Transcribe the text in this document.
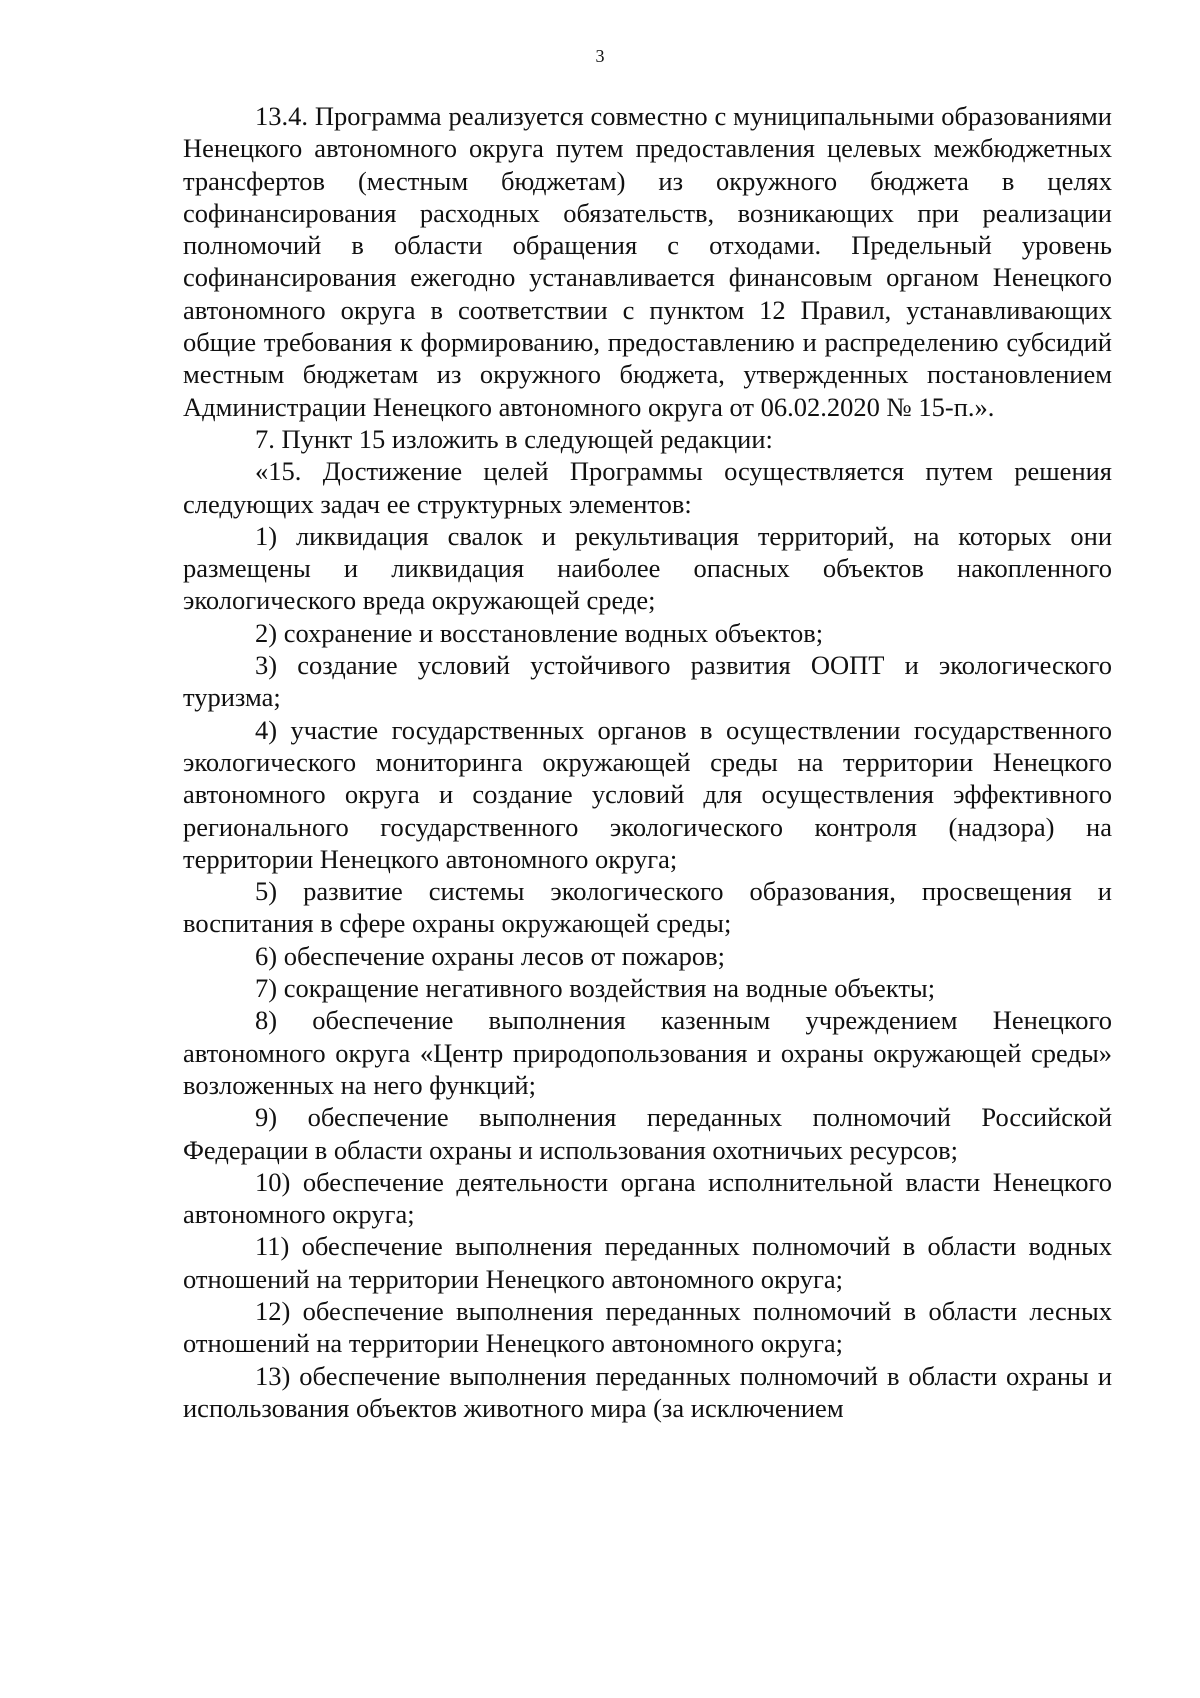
3

13.4. Программа реализуется совместно с муниципальными образованиями Ненецкого автономного округа путем предоставления целевых межбюджетных трансфертов (местным бюджетам) из окружного бюджета в целях софинансирования расходных обязательств, возникающих при реализации полномочий в области обращения с отходами. Предельный уровень софинансирования ежегодно устанавливается финансовым органом Ненецкого автономного округа в соответствии с пунктом 12 Правил, устанавливающих общие требования к формированию, предоставлению и распределению субсидий местным бюджетам из окружного бюджета, утвержденных постановлением Администрации Ненецкого автономного округа от 06.02.2020 № 15-п.».

7. Пункт 15 изложить в следующей редакции:

«15. Достижение целей Программы осуществляется путем решения следующих задач ее структурных элементов:

1) ликвидация свалок и рекультивация территорий, на которых они размещены и ликвидация наиболее опасных объектов накопленного экологического вреда окружающей среде;

2) сохранение и восстановление водных объектов;

3) создание условий устойчивого развития ООПТ и экологического туризма;

4) участие государственных органов в осуществлении государственного экологического мониторинга окружающей среды на территории Ненецкого автономного округа и создание условий для осуществления эффективного регионального государственного экологического контроля (надзора) на территории Ненецкого автономного округа;

5) развитие системы экологического образования, просвещения и воспитания в сфере охраны окружающей среды;

6) обеспечение охраны лесов от пожаров;

7) сокращение негативного воздействия на водные объекты;

8) обеспечение выполнения казенным учреждением Ненецкого автономного округа «Центр природопользования и охраны окружающей среды» возложенных на него функций;

9) обеспечение выполнения переданных полномочий Российской Федерации в области охраны и использования охотничьих ресурсов;

10) обеспечение деятельности органа исполнительной власти Ненецкого автономного округа;

11) обеспечение выполнения переданных полномочий в области водных отношений на территории Ненецкого автономного округа;

12) обеспечение выполнения переданных полномочий в области лесных отношений на территории Ненецкого автономного округа;

13) обеспечение выполнения переданных полномочий в области охраны и использования объектов животного мира (за исключением
